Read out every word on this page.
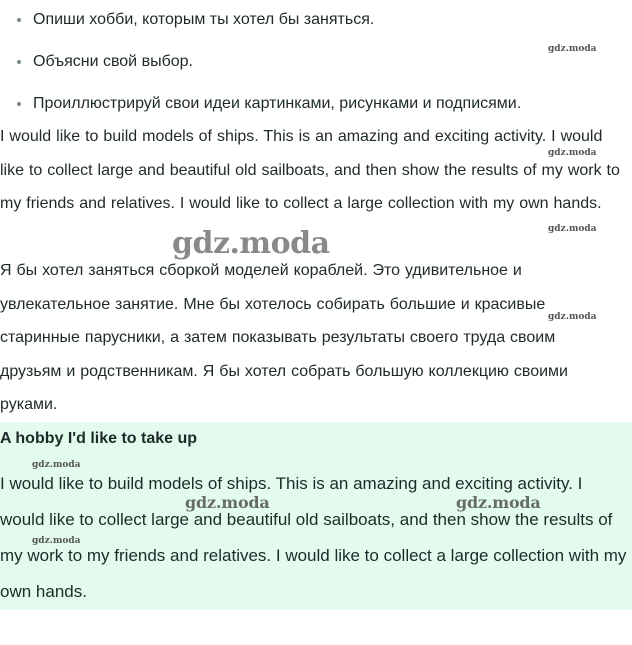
Опиши хобби, которым ты хотел бы заняться.
Объясни свой выбор.
Проиллюстрируй свои идеи картинками, рисунками и подписями.

I would like to build models of ships. This is an amazing and exciting activity. I would like to collect large and beautiful old sailboats, and then show the results of my work to my friends and relatives. I would like to collect a large collection with my own hands.

Я бы хотел заняться сборкой моделей кораблей. Это удивительное и увлекательное занятие. Мне бы хотелось собирать большие и красивые старинные парусники, а затем показывать результаты своего труда своим друзьям и родственникам. Я бы хотел собрать большую коллекцию своими руками.

A hobby I'd like to take up

I would like to build models of ships. This is an amazing and exciting activity. I would like to collect large and beautiful old sailboats, and then show the results of my work to my friends and relatives. I would like to collect a large collection with my own hands.

gdz.moda
gdz.moda
gdz.moda
gdz.moda
gdz.moda
gdz.moda
gdz.moda	gdz.moda
gdz.moda
